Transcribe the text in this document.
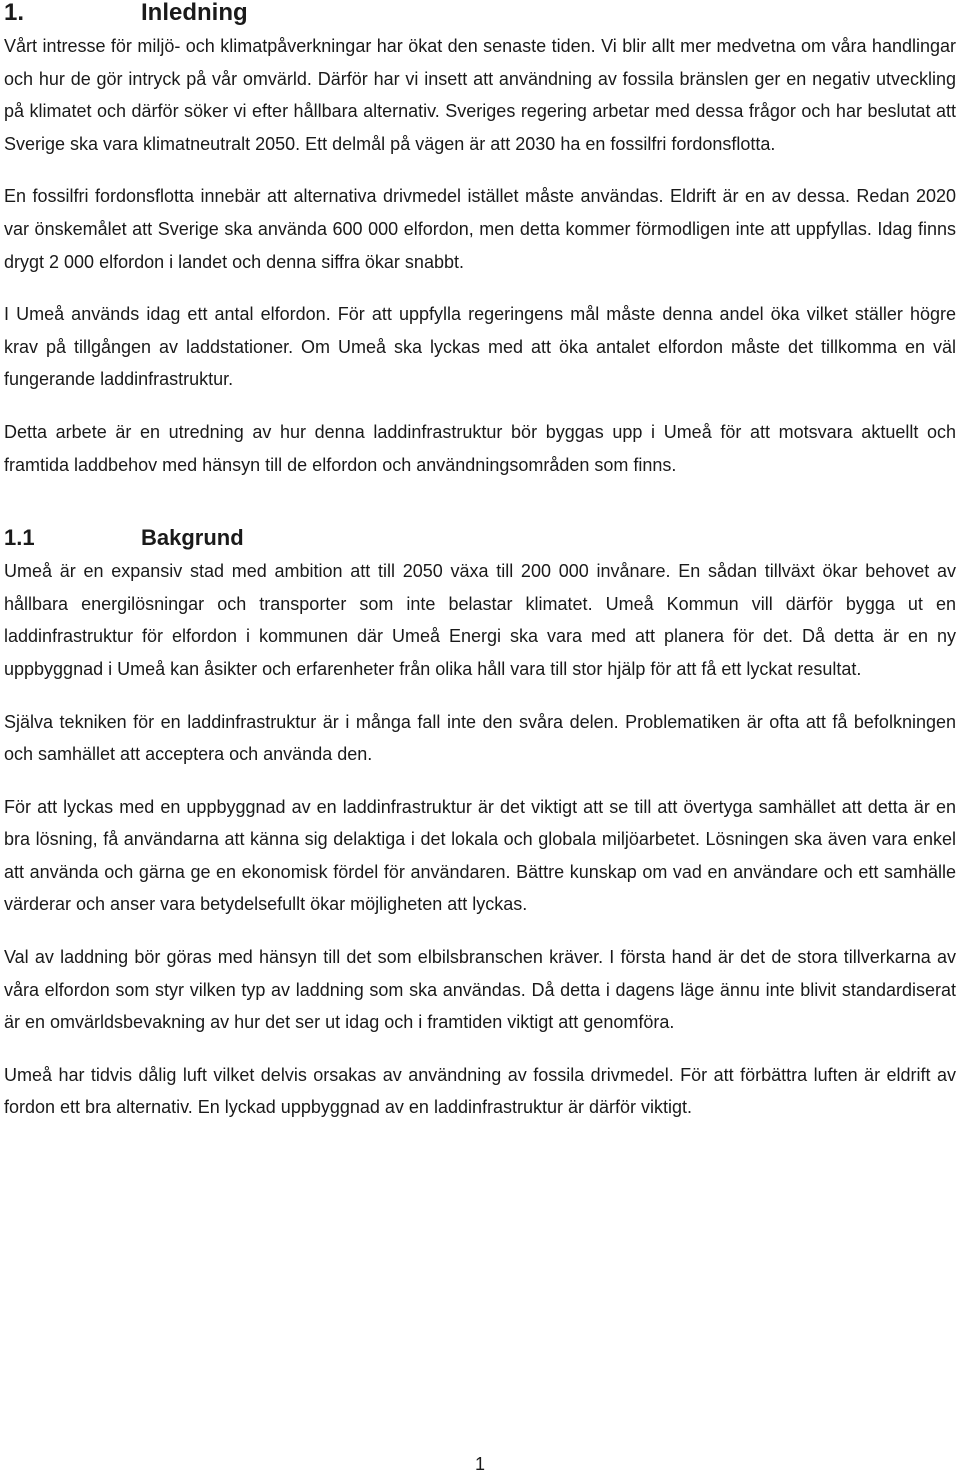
1.	Inledning

Vårt intresse för miljö- och klimatpåverkningar har ökat den senaste tiden. Vi blir allt mer medvetna om våra handlingar och hur de gör intryck på vår omvärld. Därför har vi insett att användning av fossila bränslen ger en negativ utveckling på klimatet och därför söker vi efter hållbara alternativ. Sveriges regering arbetar med dessa frågor och har beslutat att Sverige ska vara klimatneutralt 2050. Ett delmål på vägen är att 2030 ha en fossilfri fordonsflotta.

En fossilfri fordonsflotta innebär att alternativa drivmedel istället måste användas. Eldrift är en av dessa. Redan 2020 var önskemålet att Sverige ska använda 600 000 elfordon, men detta kommer förmodligen inte att uppfyllas. Idag finns drygt 2 000 elfordon i landet och denna siffra ökar snabbt.

I Umeå används idag ett antal elfordon. För att uppfylla regeringens mål måste denna andel öka vilket ställer högre krav på tillgången av laddstationer. Om Umeå ska lyckas med att öka antalet elfordon måste det tillkomma en väl fungerande laddinfrastruktur.

Detta arbete är en utredning av hur denna laddinfrastruktur bör byggas upp i Umeå för att motsvara aktuellt och framtida laddbehov med hänsyn till de elfordon och användningsområden som finns.

1.1	Bakgrund

Umeå är en expansiv stad med ambition att till 2050 växa till 200 000 invånare. En sådan tillväxt ökar behovet av hållbara energilösningar och transporter som inte belastar klimatet. Umeå Kommun vill därför bygga ut en laddinfrastruktur för elfordon i kommunen där Umeå Energi ska vara med att planera för det. Då detta är en ny uppbyggnad i Umeå kan åsikter och erfarenheter från olika håll vara till stor hjälp för att få ett lyckat resultat.

Själva tekniken för en laddinfrastruktur är i många fall inte den svåra delen. Problematiken är ofta att få befolkningen och samhället att acceptera och använda den.

För att lyckas med en uppbyggnad av en laddinfrastruktur är det viktigt att se till att övertyga samhället att detta är en bra lösning, få användarna att känna sig delaktiga i det lokala och globala miljöarbetet. Lösningen ska även vara enkel att använda och gärna ge en ekonomisk fördel för användaren. Bättre kunskap om vad en användare och ett samhälle värderar och anser vara betydelsefullt ökar möjligheten att lyckas.

Val av laddning bör göras med hänsyn till det som elbilsbranschen kräver. I första hand är det de stora tillverkarna av våra elfordon som styr vilken typ av laddning som ska användas. Då detta i dagens läge ännu inte blivit standardiserat är en omvärldsbevakning av hur det ser ut idag och i framtiden viktigt att genomföra.

Umeå har tidvis dålig luft vilket delvis orsakas av användning av fossila drivmedel. För att förbättra luften är eldrift av fordon ett bra alternativ. En lyckad uppbyggnad av en laddinfrastruktur är därför viktigt.

1
